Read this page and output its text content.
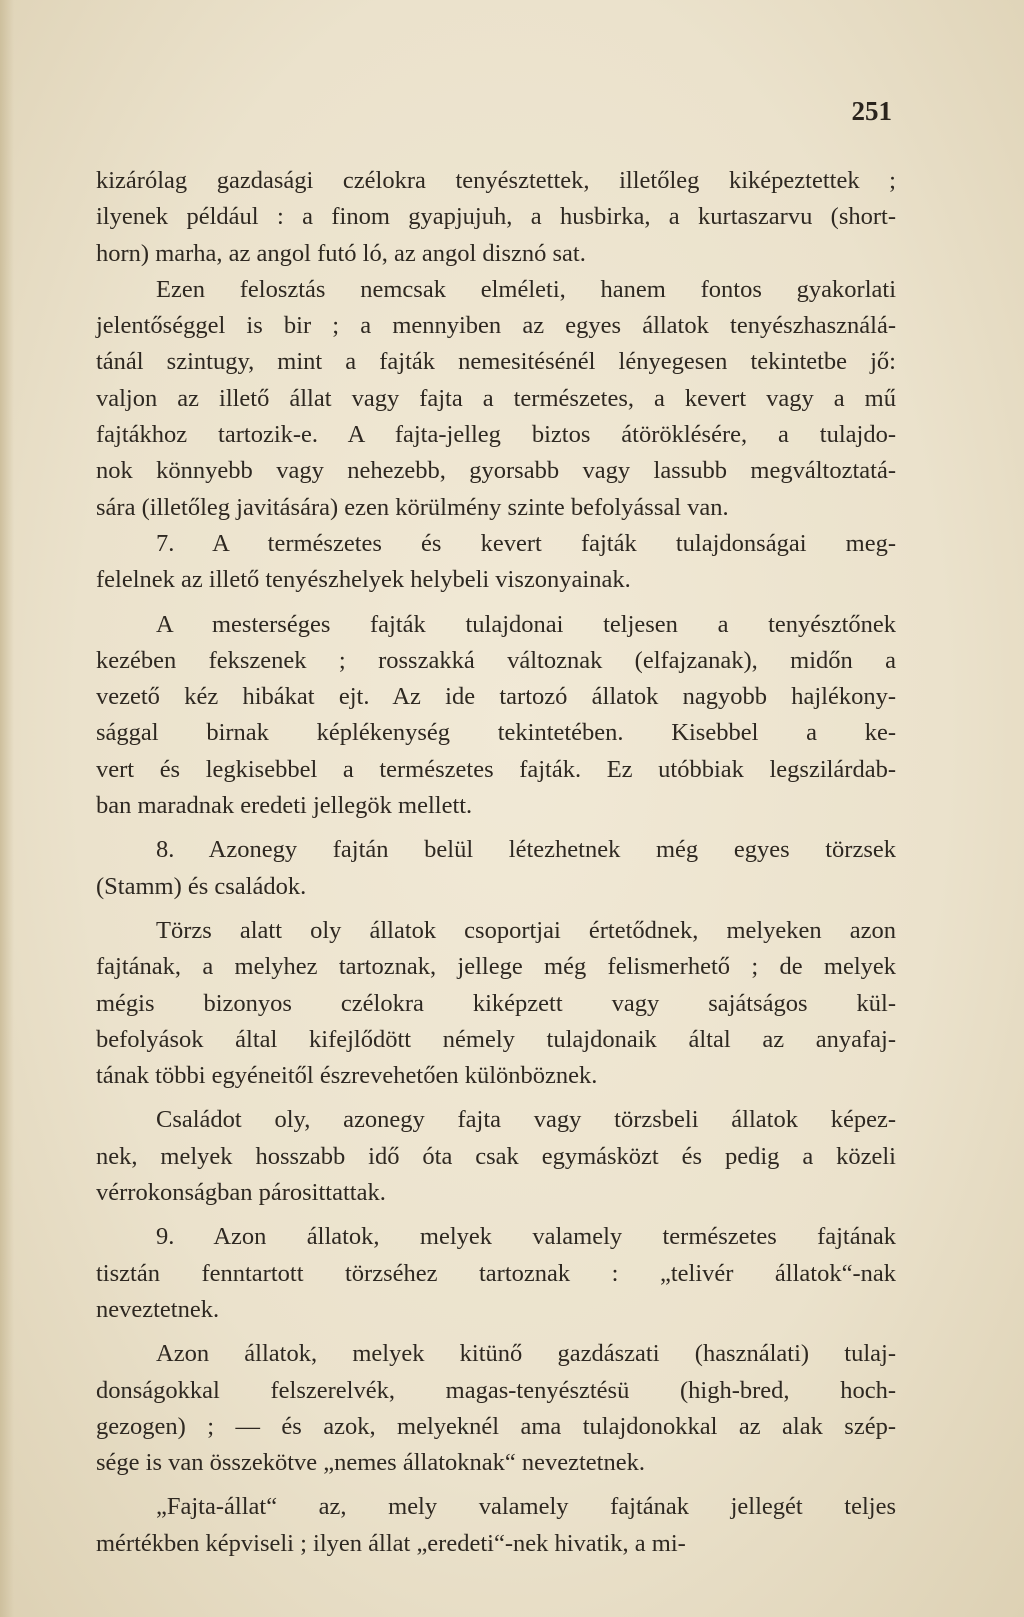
251
kizárólag gazdasági czélokra tenyésztettek, illetőleg kiképeztettek ;
ilyenek például : a finom gyapjujuh, a husbirka, a kurtaszarvu (short-
horn) marha, az angol futó ló, az angol disznó sat.
Ezen felosztás nemcsak elméleti, hanem fontos gyakorlati
jelentőséggel is bir ; a mennyiben az egyes állatok tenyészhasználá-
tánál szintugy, mint a fajták nemesitésénél lényegesen tekintetbe jő:
valjon az illető állat vagy fajta a természetes, a kevert vagy a mű
fajtákhoz tartozik-e. A fajta-jelleg biztos átöröklésére, a tulajdo-
nok könnyebb vagy nehezebb, gyorsabb vagy lassubb megváltoztatá-
sára (illetőleg javitására) ezen körülmény szinte befolyással van.
7. A természetes és kevert fajták tulajdonságai meg-
felelnek az illető tenyészhelyek helybeli viszonyainak.
A mesterséges fajták tulajdonai teljesen a tenyésztőnek
kezében fekszenek ; rosszakká változnak (elfajzanak), midőn a
vezető kéz hibákat ejt. Az ide tartozó állatok nagyobb hajlékony-
sággal birnak képlékenység tekintetében. Kisebbel a ke-
vert és legkisebbel a természetes fajták. Ez utóbbiak legszilárdab-
ban maradnak eredeti jellegök mellett.
8. Azonegy fajtán belül létezhetnek még egyes törzsek
(Stamm) és családok.
Törzs alatt oly állatok csoportjai értetődnek, melyeken azon
fajtának, a melyhez tartoznak, jellege még felismerhető ; de melyek
mégis bizonyos czélokra kiképzett vagy sajátságos kül-
befolyások által kifejlődött némely tulajdonaik által az anyafaj-
tának többi egyéneitől észrevehetően különböznek.
Családot oly, azonegy fajta vagy törzsbeli állatok képez-
nek, melyek hosszabb idő óta csak egymásközt és pedig a közeli
vérrokonságban párosittattak.
9. Azon állatok, melyek valamely természetes fajtának
tisztán fenntartott törzséhez tartoznak : „telivér állatok“-nak
neveztetnek.
Azon állatok, melyek kitünő gazdászati (használati) tulaj-
donságokkal felszerelvék, magas-tenyésztésü (high-bred, hoch-
gezogen) ; — és azok, melyeknél ama tulajdonokkal az alak szép-
sége is van összekötve „nemes állatoknak“ neveztetnek.
„Fajta-állat“ az, mely valamely fajtának jellegét teljes
mértékben képviseli ; ilyen állat „eredeti“-nek hivatik, a mi-
